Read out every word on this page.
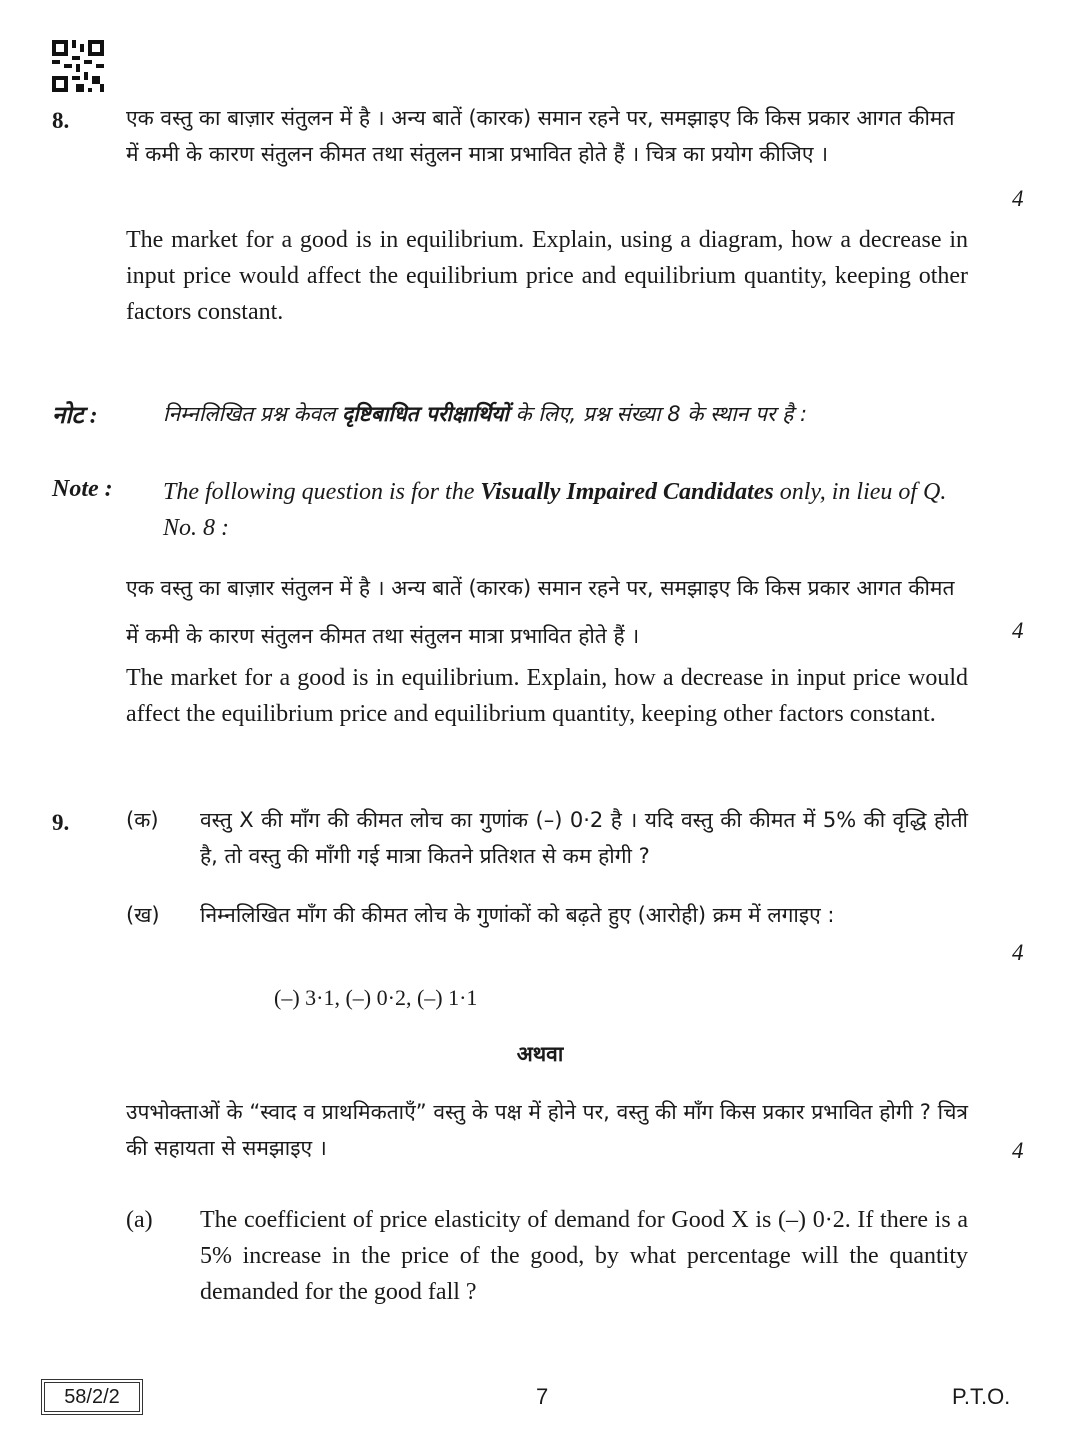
8.	एक वस्तु का बाज़ार संतुलन में है । अन्य बातें (कारक) समान रहने पर, समझाइए कि किस प्रकार आगत कीमत में कमी के कारण संतुलन कीमत तथा संतुलन मात्रा प्रभावित होते हैं । चित्र का प्रयोग कीजिए ।
4
The market for a good is in equilibrium. Explain, using a diagram, how a decrease in input price would affect the equilibrium price and equilibrium quantity, keeping other factors constant.
नोट :	निम्नलिखित प्रश्न केवल दृष्टिबाधित परीक्षार्थियों के लिए, प्रश्न संख्या 8 के स्थान पर है :
Note : The following question is for the Visually Impaired Candidates only, in lieu of Q. No. 8 :
एक वस्तु का बाज़ार संतुलन में है । अन्य बातें (कारक) समान रहने पर, समझाइए कि किस प्रकार आगत कीमत में कमी के कारण संतुलन कीमत तथा संतुलन मात्रा प्रभावित होते हैं ।	4
The market for a good is in equilibrium. Explain, how a decrease in input price would affect the equilibrium price and equilibrium quantity, keeping other factors constant.
9.	(क) वस्तु X की माँग की कीमत लोच का गुणांक (–) 0·2 है । यदि वस्तु की कीमत में 5% की वृद्धि होती है, तो वस्तु की माँगी गई मात्रा कितने प्रतिशत से कम होगी ?
(ख) निम्नलिखित माँग की कीमत लोच के गुणांकों को बढ़ते हुए (आरोही) क्रम में लगाइए :
4
(–) 3·1, (–) 0·2, (–) 1·1
अथवा
उपभोक्ताओं के “स्वाद व प्राथमिकताएँ” वस्तु के पक्ष में होने पर, वस्तु की माँग किस प्रकार प्रभावित होगी ? चित्र की सहायता से समझाइए ।	4
(a) The coefficient of price elasticity of demand for Good X is (–) 0·2. If there is a 5% increase in the price of the good, by what percentage will the quantity demanded for the good fall ?
58/2/2	7	P.T.O.
